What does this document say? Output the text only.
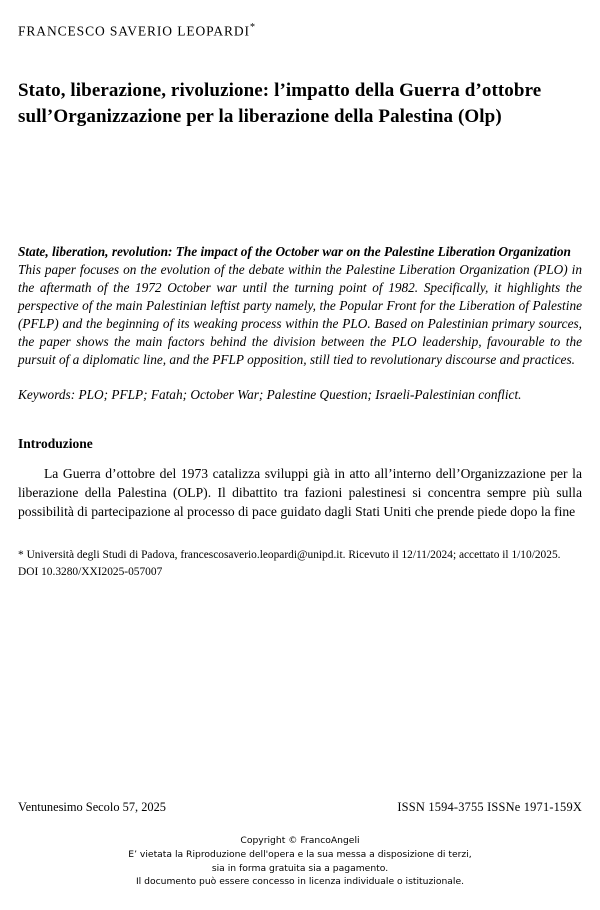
FRANCESCO SAVERIO LEOPARDI*
Stato, liberazione, rivoluzione: l’impatto della Guerra d’ottobre sull’Organizzazione per la liberazione della Palestina (Olp)
State, liberation, revolution: The impact of the October war on the Palestine Liberation Organization
This paper focuses on the evolution of the debate within the Palestine Liberation Organization (PLO) in the aftermath of the 1972 October war until the turning point of 1982. Specifically, it highlights the perspective of the main Palestinian leftist party namely, the Popular Front for the Liberation of Palestine (PFLP) and the beginning of its weaking process within the PLO. Based on Palestinian primary sources, the paper shows the main factors behind the division between the PLO leadership, favourable to the pursuit of a diplomatic line, and the PFLP opposition, still tied to revolutionary discourse and practices.
Keywords: PLO; PFLP; Fatah; October War; Palestine Question; Israeli-Palestinian conflict.
Introduzione
La Guerra d’ottobre del 1973 catalizza sviluppi già in atto all’interno dell’Organizzazione per la liberazione della Palestina (OLP). Il dibattito tra fazioni palestinesi si concentra sempre più sulla possibilità di partecipazione al processo di pace guidato dagli Stati Uniti che prende piede dopo la fine
* Università degli Studi di Padova, francescosaverio.leopardi@unipd.it. Ricevuto il 12/11/2024; accettato il 1/10/2025.
DOI 10.3280/XXI2025-057007
Ventunesimo Secolo 57, 2025	ISSN 1594-3755 ISSNe 1971-159X
Copyright © FrancoAngeli
E’ vietata la Riproduzione dell'opera e la sua messa a disposizione di terzi,
sia in forma gratuita sia a pagamento.
Il documento può essere concesso in licenza individuale o istituzionale.
